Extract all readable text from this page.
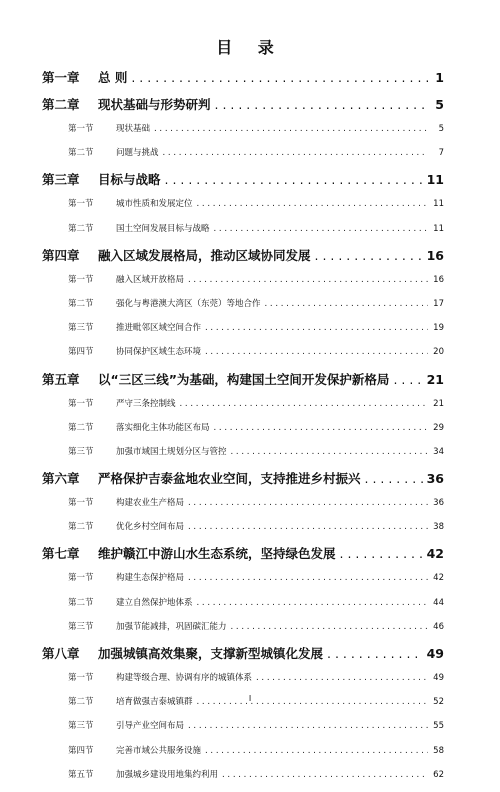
目 录
第一章	总 则 . . .	1
第二章	现状基础与形势研判 . . .	5
第一节	现状基础 . . .	5
第二节	问题与挑战 . . .	7
第三章	目标与战略 . . .	11
第一节	城市性质和发展定位 . . .	11
第二节	国土空间发展目标与战略 . . .	11
第四章	融入区域发展格局，推动区域协同发展 . . .	16
第一节	融入区域开放格局 . . .	16
第二节	强化与粤港澳大湾区（东莞）等地合作 . . .	17
第三节	推进毗邻区域空间合作 . . .	19
第四节	协同保护区域生态环境 . . .	20
第五章	以“三区三线”为基础，构建国土空间开发保护新格局 . . .	21
第一节	严守三条控制线 . . .	21
第二节	落实细化主体功能区布局 . . .	29
第三节	加强市域国土规划分区与管控 . . .	34
第六章	严格保护吉泰盆地农业空间，支持推进乡村振兴 . . .	36
第一节	构建农业生产格局 . . .	36
第二节	优化乡村空间布局 . . .	38
第七章	维护赣江中游山水生态系统，坚持绿色发展 . . .	42
第一节	构建生态保护格局 . . .	42
第二节	建立自然保护地体系 . . .	44
第三节	加强节能减排，巩固碳汇能力 . . .	46
第八章	加强城镇高效集聚，支撑新型城镇化发展 . . .	49
第一节	构建等级合理、协调有序的城镇体系 . . .	49
第二节	培育做强吉泰城镇群 . . .	52
第三节	引导产业空间布局 . . .	55
第四节	完善市域公共服务设施 . . .	58
第五节	加强城乡建设用地集约利用 . . .	62
I
